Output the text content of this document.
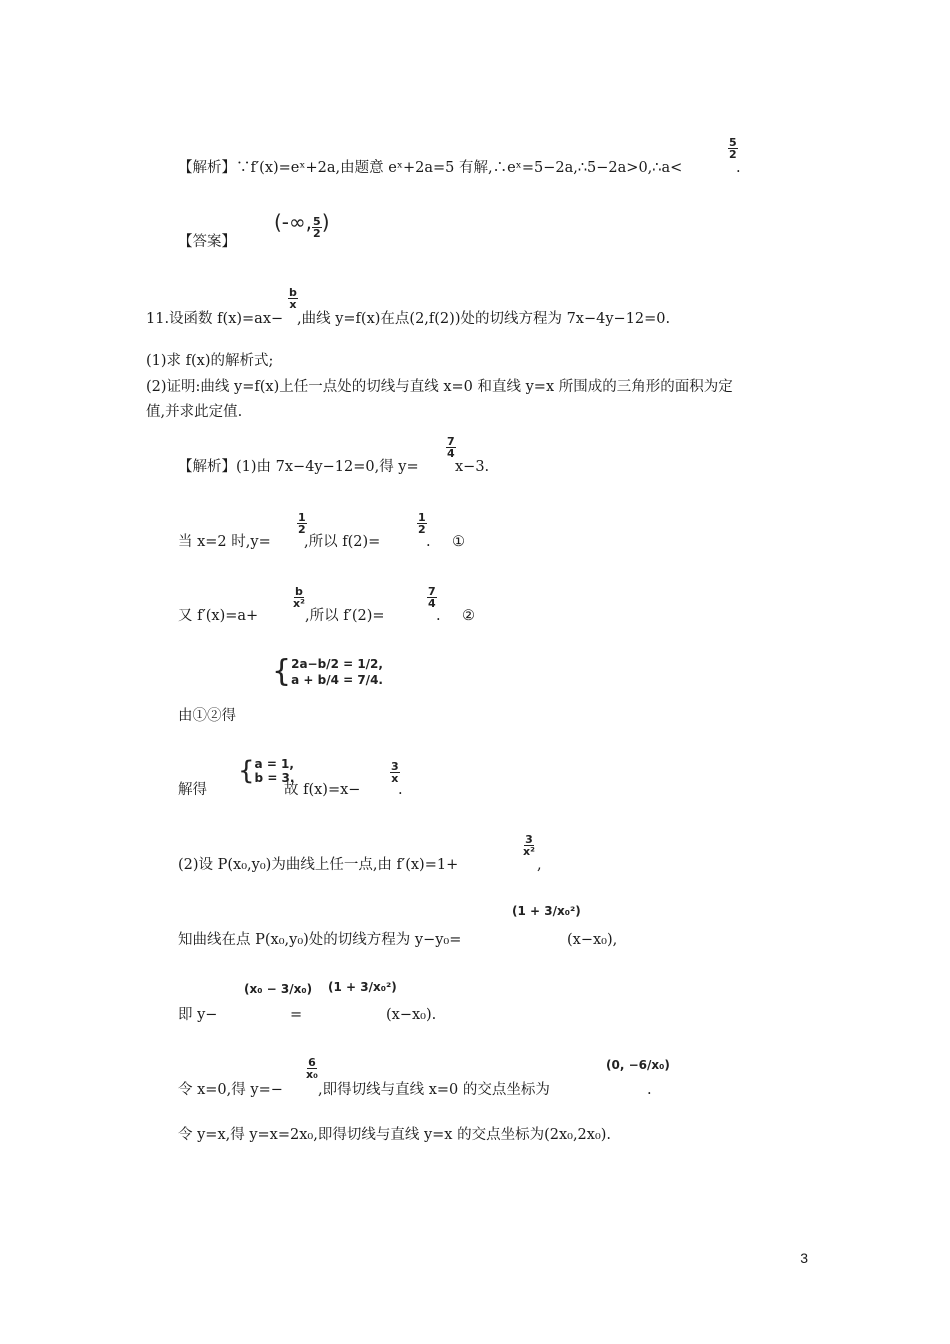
【解析】∵f′(x)=eˣ+2a,由题意 eˣ+2a=5 有解,∴eˣ=5−2a,∴5−2a>0,∴a<
$\frac{5}{2}$
.
【答案】
(-∞, $\frac{5}{2}$ )
11.设函数 f(x)=ax−
$\frac{b}{x}$
,曲线 y=f(x)在点(2,f(2))处的切线方程为 7x−4y−12=0.
(1)求 f(x)的解析式;
(2)证明:曲线 y=f(x)上任一点处的切线与直线 x=0 和直线 y=x 所围成的三角形的面积为定
值,并求此定值.
【解析】(1)由 7x−4y−12=0,得 y=
$\frac{7}{4}$
x−3.
当 x=2 时,y=
$\frac{1}{2}$
,所以 f(2)=
$\frac{1}{2}$
. ①
又 f′(x)=a+
$\frac{b}{\text{x²}}$
,所以 f′(2)=
$\frac{7}{4}$
. ②
{ 2a−b/2 = 1/2,
a + b/4 = 7/4.
由①②得
{ a = 1,
b = 3.
解得	故 f(x)=x−
$\frac{3}{x}$
.
(2)设 P(x₀,y₀)为曲线上任一点,由 f′(x)=1+
$\frac{3}{\text{x²}}$
,
知曲线在点 P(x₀,y₀)处的切线方程为 y−y₀=
(1 + 3/x₀²)
(x−x₀),
即 y−
(x₀ − 3/x₀)
=
(1 + 3/x₀²)
(x−x₀).
令 x=0,得 y=−
$\frac{6}{\text{x₀}}$
,即得切线与直线 x=0 的交点坐标为
(0, −6/x₀)
.
令 y=x,得 y=x=2x₀,即得切线与直线 y=x 的交点坐标为(2x₀,2x₀).
3
